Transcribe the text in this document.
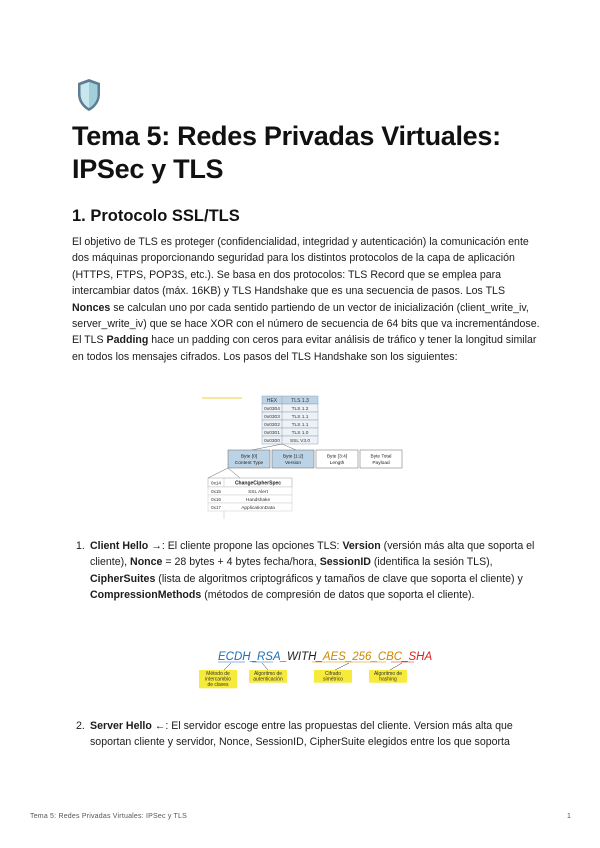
Tema 5: Redes Privadas Virtuales:
IPSec y TLS
1. Protocolo SSL/TLS
El objetivo de TLS es proteger (confidencialidad, integridad y autenticación) la comunicación ente dos máquinas proporcionando seguridad para los distintos protocolos de la capa de aplicación (HTTPS, FTPS, POP3S, etc.). Se basa en dos protocolos: TLS Record que se emplea para intercambiar datos (máx. 16KB) y TLS Handshake que es una secuencia de pasos. Los TLS Nonces se calculan uno por cada sentido partiendo de un vector de inicialización (client_write_iv, server_write_iv) que se hace XOR con el número de secuencia de 64 bits que va incrementándose. El TLS Padding hace un padding con ceros para evitar análisis de tráfico y tener la longitud similar en todos los mensajes cifrados. Los pasos del TLS Handshake son los siguientes:
HEX	TLS 1.3
0x0304 TLS 1.2
0x0303 TLS 1.1
0x0302 TLS 1.1
0x0301 TLS 1.0
0x0300 SSL V3.0
Byte [0]
Content Type
Byte [1:2]
Version
Byte [3:4]
Length
Byte Total
Payload
0x14	ChangeCipherSpec
0x15	SSL Alert
0x16	Handshake
0x17	ApplicationData
1. Client Hello →: El cliente propone las opciones TLS: Version (versión más alta que soporta el cliente), Nonce = 28 bytes + 4 bytes fecha/hora, SessionID (identifica la sesión TLS), CipherSuites (lista de algoritmos criptográficos y tamaños de clave que soporta el cliente) y CompressionMethods (métodos de compresión de datos que soporta el cliente).
ECDH_RSA_WITH_AES_256_CBC_SHA
Método de
intercambio
de claves
Algoritmo de
autenticación
Cifrado
simétrico
Algoritmo de
hashing
2. Server Hello ←: El servidor escoge entre las propuestas del cliente. Version más alta que soportan cliente y servidor, Nonce, SessionID, CipherSuite elegidos entre los que soporta
Tema 5: Redes Privadas Virtuales: IPSec y TLS	1
